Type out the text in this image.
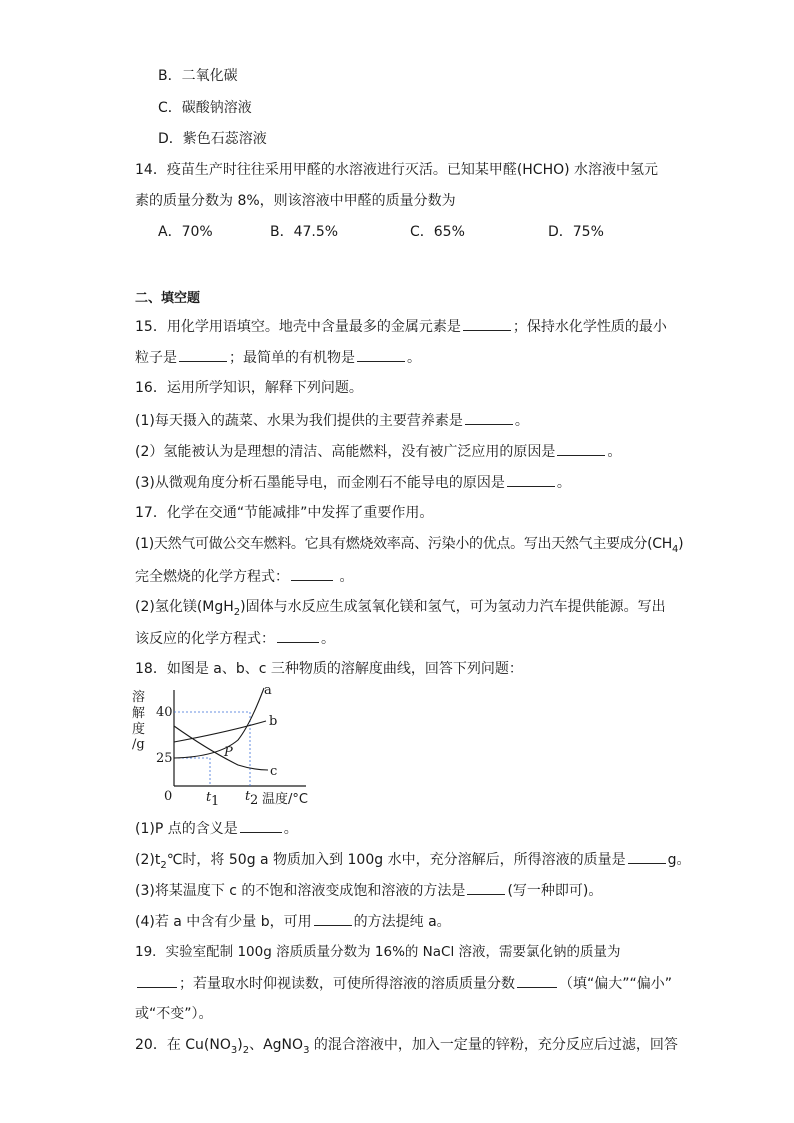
B．二氧化碳
C．碳酸钠溶液
D．紫色石蕊溶液
14．疫苗生产时往往采用甲醛的水溶液进行灭活。已知某甲醛(HCHO) 水溶液中氢元
素的质量分数为 8%，则该溶液中甲醛的质量分数为
A．70%	B．47.5%	C．65%	D．75%
二、填空题
15．用化学用语填空。地壳中含量最多的金属元素是	；保持水化学性质的最小
粒子是	；最简单的有机物是	。
16．运用所学知识，解释下列问题。
(1)每天摄入的蔬菜、水果为我们提供的主要营养素是	。
(2）氢能被认为是理想的清洁、高能燃料，没有被广泛应用的原因是	。
(3)从微观角度分析石墨能导电，而金刚石不能导电的原因是	。
17．化学在交通“节能减排”中发挥了重要作用。
(1)天然气可做公交车燃料。它具有燃烧效率高、污染小的优点。写出天然气主要成分$(CH_4)$
完全燃烧的化学方程式：	。
(2)氢化镁(MgH$_2$)固体与水反应生成氢氧化镁和氢气，可为氢动力汽车提供能源。写出
该反应的化学方程式：	。
18．如图是 a、b、c 三种物质的溶解度曲线，回答下列问题：
溶
解
度
/g
40
25
0	t 1 t 2 温度/°C
a
b
c
P
(1)P 点的含义是	。
$(2)t_2℃$时，将 50g a 物质加入到 100g 水中，充分溶解后，所得溶液的质量是	g。
(3)将某温度下 c 的不饱和溶液变成饱和溶液的方法是	(写一种即可)。
(4)若 a 中含有少量 b，可用	的方法提纯 a。
19．实验室配制 100g 溶质质量分数为 16%的 NaCl 溶液，需要氯化钠的质量为
；若量取水时仰视读数，可使所得溶液的溶质质量分数	（填“偏大”“偏小”
或“不变”）。
20．在 $Cu(NO_3)_2$、AgNO$_3$ 的混合溶液中，加入一定量的锌粉，充分反应后过滤，回答
